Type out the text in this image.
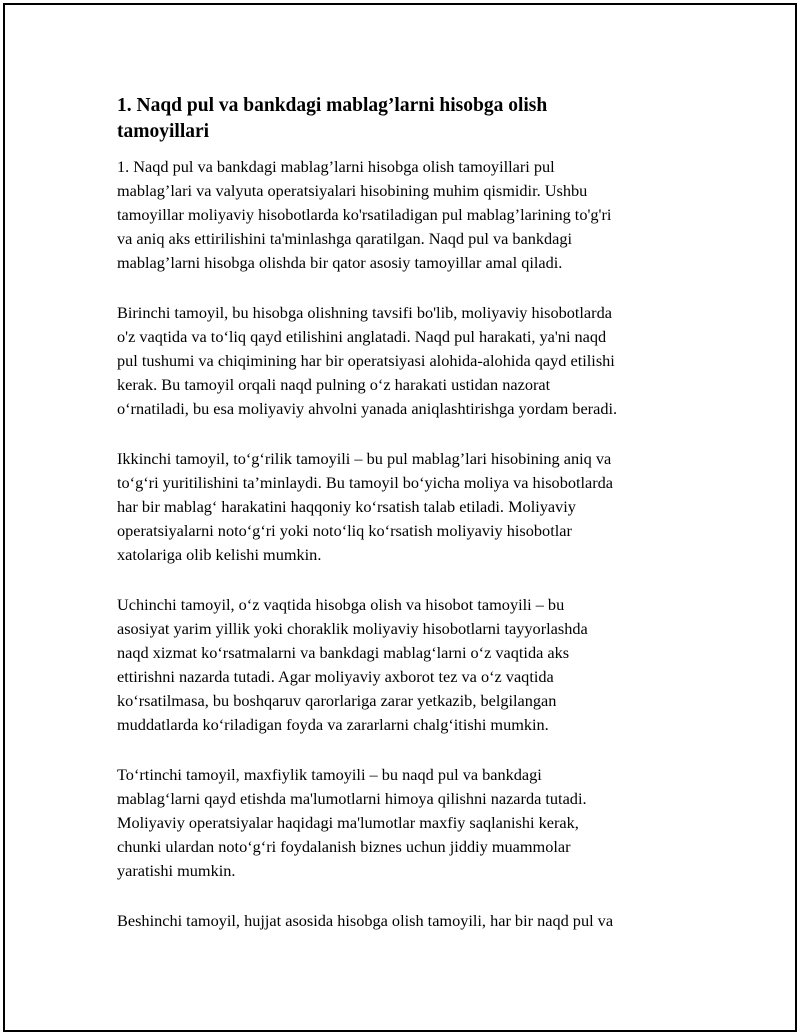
1. Naqd pul va bankdagi mablag’larni hisobga olish
tamoyillari

1. Naqd pul va bankdagi mablag’larni hisobga olish tamoyillari pul
mablag’lari va valyuta operatsiyalari hisobining muhim qismidir. Ushbu
tamoyillar moliyaviy hisobotlarda ko'rsatiladigan pul mablag’larining to'g'ri
va aniq aks ettirilishini ta'minlashga qaratilgan. Naqd pul va bankdagi
mablag’larni hisobga olishda bir qator asosiy tamoyillar amal qiladi.

Birinchi tamoyil, bu hisobga olishning tavsifi bo'lib, moliyaviy hisobotlarda
o'z vaqtida va to‘liq qayd etilishini anglatadi. Naqd pul harakati, ya'ni naqd
pul tushumi va chiqimining har bir operatsiyasi alohida-alohida qayd etilishi
kerak. Bu tamoyil orqali naqd pulning o‘z harakati ustidan nazorat
o‘rnatiladi, bu esa moliyaviy ahvolni yanada aniqlashtirishga yordam beradi.

Ikkinchi tamoyil, to‘g‘rilik tamoyili – bu pul mablag’lari hisobining aniq va
to‘g‘ri yuritilishini ta’minlaydi. Bu tamoyil bo‘yicha moliya va hisobotlarda
har bir mablag‘ harakatini haqqoniy ko‘rsatish talab etiladi. Moliyaviy
operatsiyalarni noto‘g‘ri yoki noto‘liq ko‘rsatish moliyaviy hisobotlar
xatolariga olib kelishi mumkin.

Uchinchi tamoyil, o‘z vaqtida hisobga olish va hisobot tamoyili – bu
asosiyat yarim yillik yoki choraklik moliyaviy hisobotlarni tayyorlashda
naqd xizmat ko‘rsatmalarni va bankdagi mablag‘larni o‘z vaqtida aks
ettirishni nazarda tutadi. Agar moliyaviy axborot tez va o‘z vaqtida
ko‘rsatilmasa, bu boshqaruv qarorlariga zarar yetkazib, belgilangan
muddatlarda ko‘riladigan foyda va zararlarni chalg‘itishi mumkin.

To‘rtinchi tamoyil, maxfiylik tamoyili – bu naqd pul va bankdagi
mablag‘larni qayd etishda ma'lumotlarni himoya qilishni nazarda tutadi.
Moliyaviy operatsiyalar haqidagi ma'lumotlar maxfiy saqlanishi kerak,
chunki ulardan noto‘g‘ri foydalanish biznes uchun jiddiy muammolar
yaratishi mumkin.

Beshinchi tamoyil, hujjat asosida hisobga olish tamoyili, har bir naqd pul va
